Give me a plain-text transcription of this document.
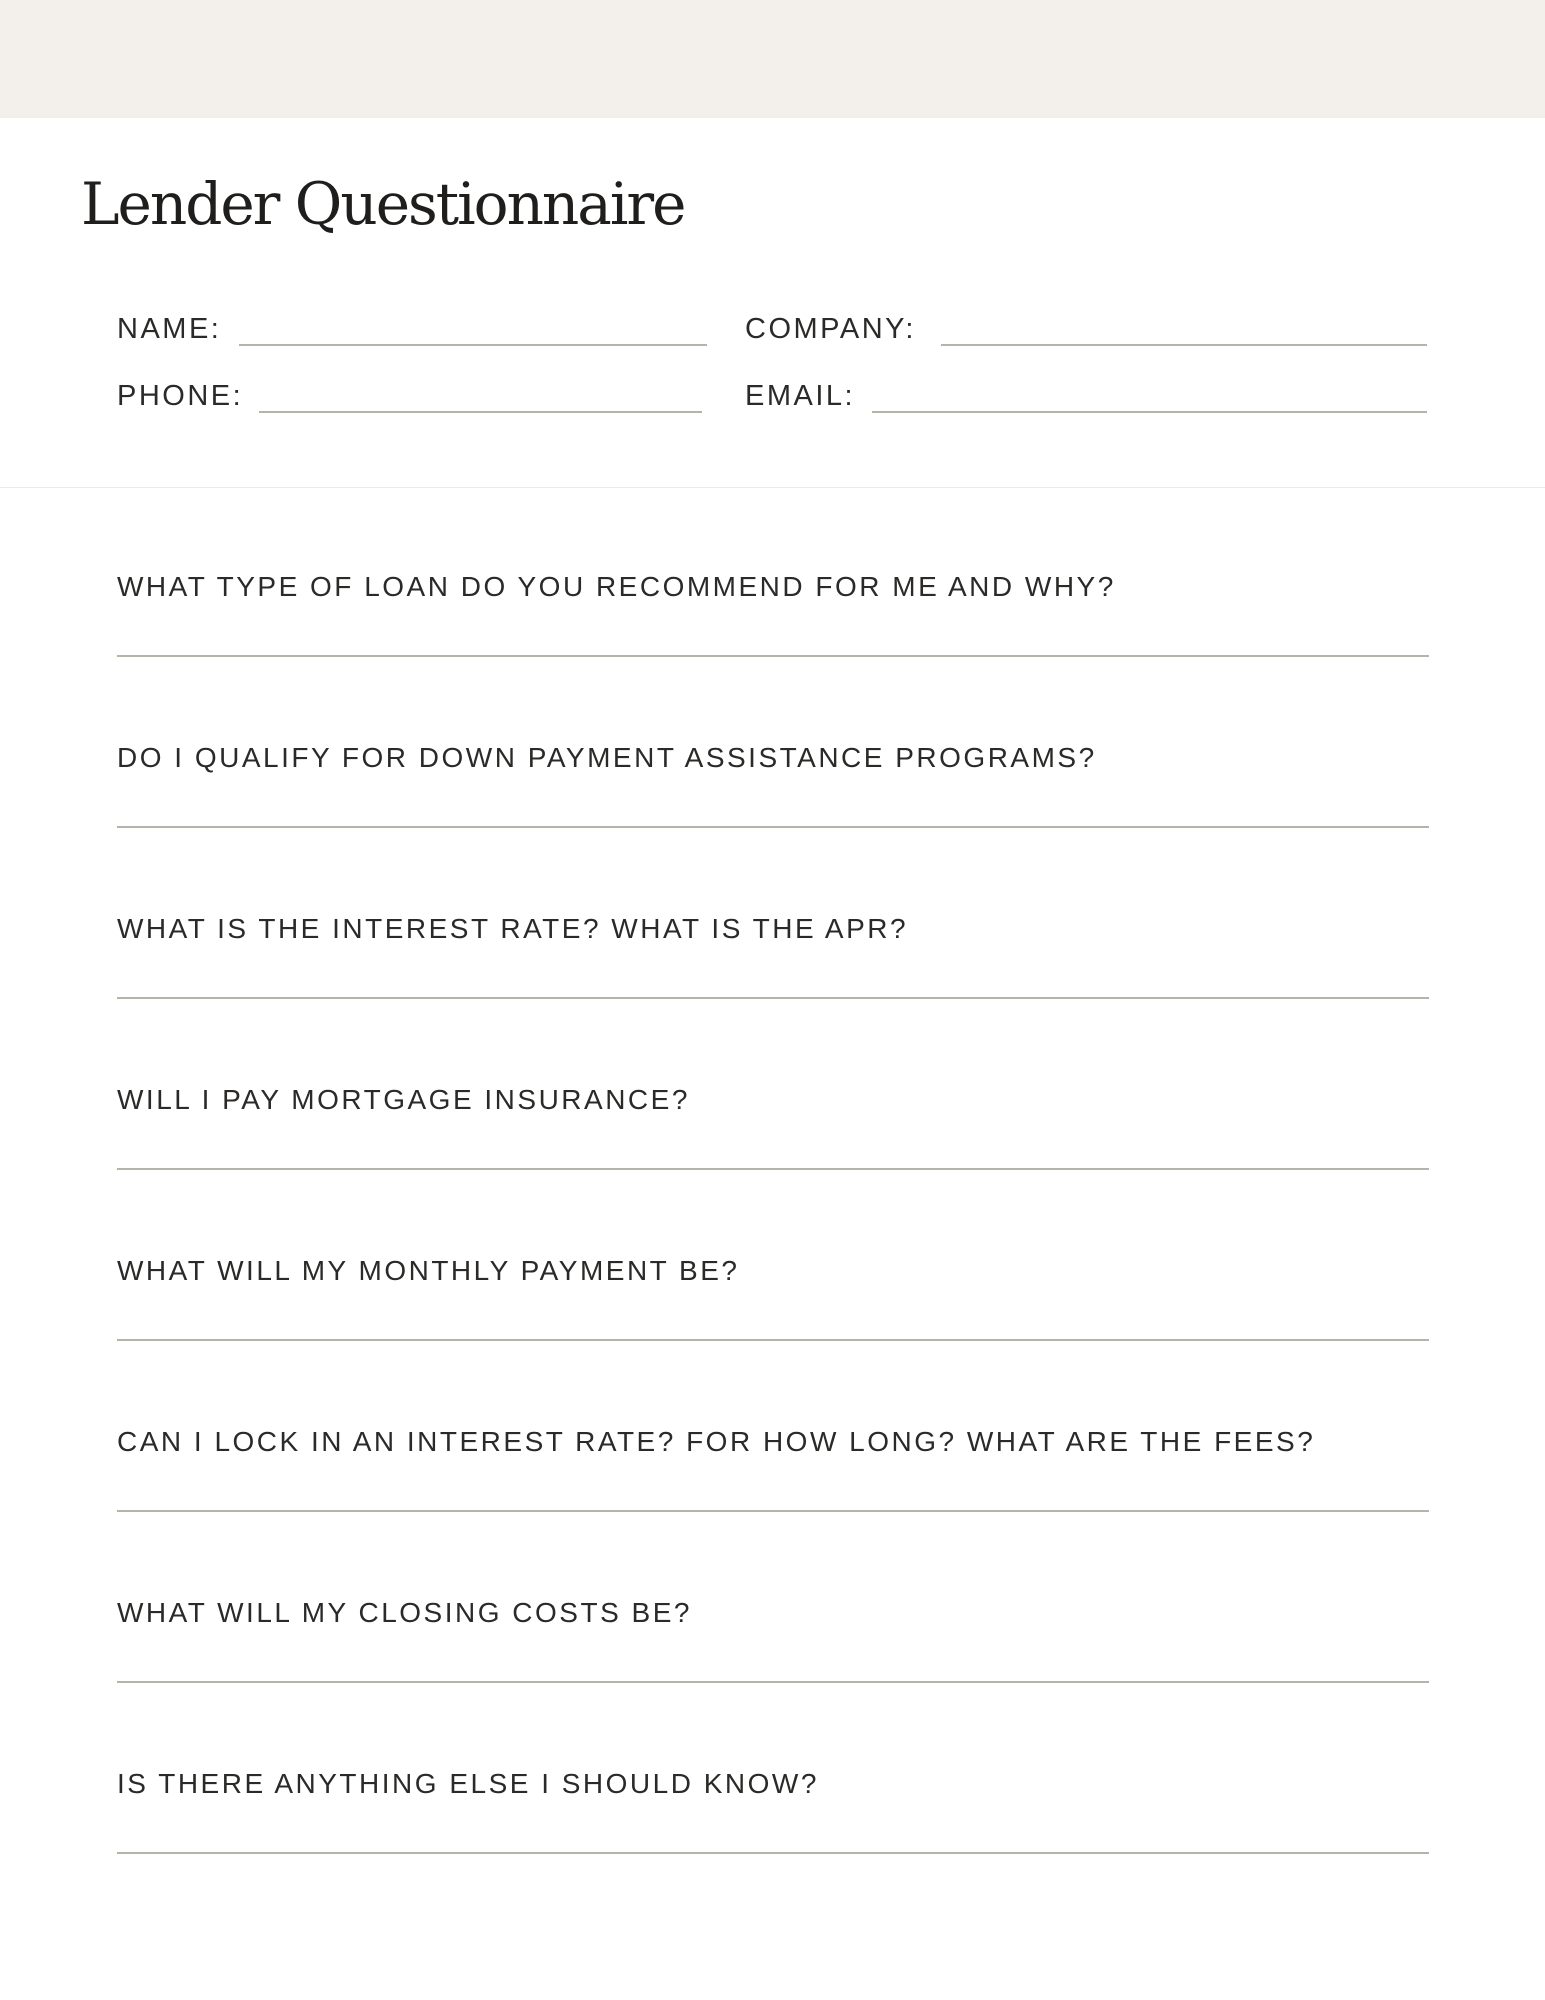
Lender Questionnaire
NAME:	COMPANY:
PHONE:	EMAIL:
WHAT TYPE OF LOAN DO YOU RECOMMEND FOR ME AND WHY?
DO I QUALIFY FOR DOWN PAYMENT ASSISTANCE PROGRAMS?
WHAT IS THE INTEREST RATE? WHAT IS THE APR?
WILL I PAY MORTGAGE INSURANCE?
WHAT WILL MY MONTHLY PAYMENT BE?
CAN I LOCK IN AN INTEREST RATE? FOR HOW LONG? WHAT ARE THE FEES?
WHAT WILL MY CLOSING COSTS BE?
IS THERE ANYTHING ELSE I SHOULD KNOW?
